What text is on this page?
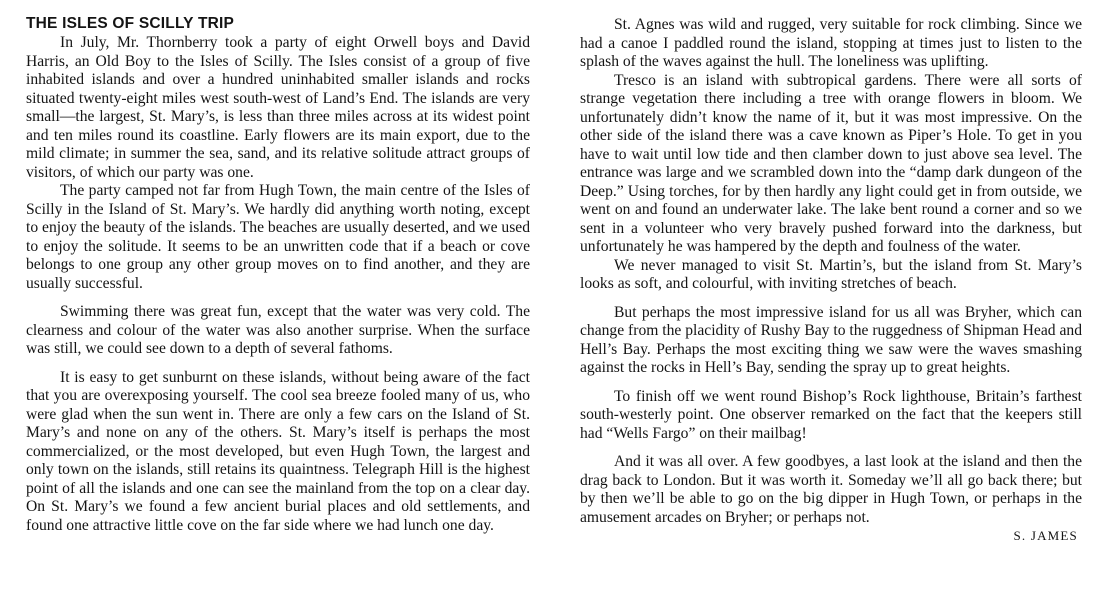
THE ISLES OF SCILLY TRIP

In July, Mr. Thornberry took a party of eight Orwell boys and David Harris, an Old Boy to the Isles of Scilly. The Isles consist of a group of five inhabited islands and over a hundred uninhabited smaller islands and rocks situated twenty-eight miles west south-west of Land’s End. The islands are very small—the largest, St. Mary’s, is less than three miles across at its widest point and ten miles round its coastline. Early flowers are its main export, due to the mild climate; in summer the sea, sand, and its relative solitude attract groups of visitors, of which our party was one.

The party camped not far from Hugh Town, the main centre of the Isles of Scilly in the Island of St. Mary’s. We hardly did anything worth noting, except to enjoy the beauty of the islands. The beaches are usually deserted, and we used to enjoy the solitude. It seems to be an unwritten code that if a beach or cove belongs to one group any other group moves on to find another, and they are usually successful.

Swimming there was great fun, except that the water was very cold. The clearness and colour of the water was also another surprise. When the surface was still, we could see down to a depth of several fathoms.

It is easy to get sunburnt on these islands, without being aware of the fact that you are overexposing yourself. The cool sea breeze fooled many of us, who were glad when the sun went in. There are only a few cars on the Island of St. Mary’s and none on any of the others. St. Mary’s itself is perhaps the most commercialized, or the most developed, but even Hugh Town, the largest and only town on the islands, still retains its quaintness. Telegraph Hill is the highest point of all the islands and one can see the mainland from the top on a clear day. On St. Mary’s we found a few ancient burial places and old settlements, and found one attractive little cove on the far side where we had lunch one day.

St. Agnes was wild and rugged, very suitable for rock climbing. Since we had a canoe I paddled round the island, stopping at times just to listen to the splash of the waves against the hull. The loneliness was uplifting.

Tresco is an island with subtropical gardens. There were all sorts of strange vegetation there including a tree with orange flowers in bloom. We unfortunately didn’t know the name of it, but it was most impressive. On the other side of the island there was a cave known as Piper’s Hole. To get in you have to wait until low tide and then clamber down to just above sea level. The entrance was large and we scrambled down into the “damp dark dungeon of the Deep.” Using torches, for by then hardly any light could get in from outside, we went on and found an underwater lake. The lake bent round a corner and so we sent in a volunteer who very bravely pushed forward into the darkness, but unfortunately he was hampered by the depth and foulness of the water.

We never managed to visit St. Martin’s, but the island from St. Mary’s looks as soft, and colourful, with inviting stretches of beach.

But perhaps the most impressive island for us all was Bryher, which can change from the placidity of Rushy Bay to the ruggedness of Shipman Head and Hell’s Bay. Perhaps the most exciting thing we saw were the waves smashing against the rocks in Hell’s Bay, sending the spray up to great heights.

To finish off we went round Bishop’s Rock lighthouse, Britain’s farthest south-westerly point. One observer remarked on the fact that the keepers still had “Wells Fargo” on their mailbag!

And it was all over. A few goodbyes, a last look at the island and then the drag back to London. But it was worth it. Someday we’ll all go back there; but by then we’ll be able to go on the big dipper in Hugh Town, or perhaps in the amusement arcades on Bryher; or perhaps not.

S. JAMES
